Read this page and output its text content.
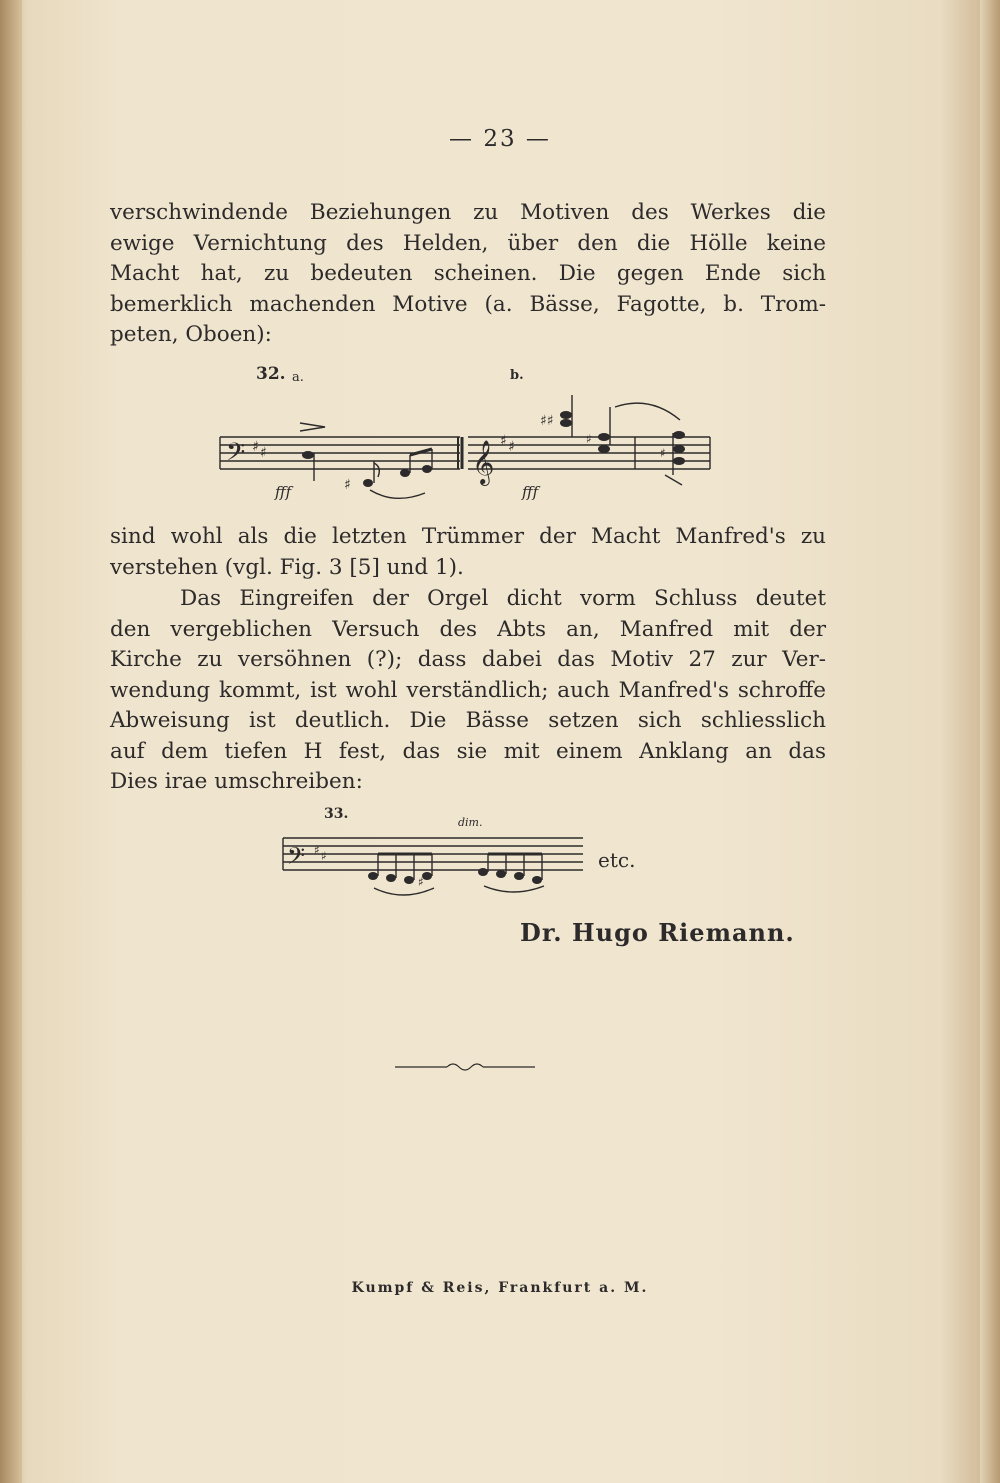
— 23 —
verschwindende Beziehungen zu Motiven des Werkes die
ewige Vernichtung des Helden, über den die Hölle keine
Macht hat, zu bedeuten scheinen. Die gegen Ende sich
bemerklich machenden Motive (a. Bässe, Fagotte, b. Trom-
peten, Oboen):
32. a.	b.
𝄢 ♯ ♯
♯
𝄞 ♯ ♯
♯♯
♯
♯
fff	fff
sind wohl als die letzten Trümmer der Macht Manfred's zu
verstehen (vgl. Fig. 3 [5] und 1).
Das Eingreifen der Orgel dicht vorm Schluss deutet
den vergeblichen Versuch des Abts an, Manfred mit der
Kirche zu versöhnen (?); dass dabei das Motiv 27 zur Ver-
wendung kommt, ist wohl verständlich; auch Manfred's schroffe
Abweisung ist deutlich. Die Bässe setzen sich schliesslich
auf dem tiefen H fest, das sie mit einem Anklang an das
Dies irae umschreiben:
33.
dim.
𝄢 ♯ ♯
♯
etc.
Dr. Hugo Riemann.
Kumpf & Reis, Frankfurt a. M.
